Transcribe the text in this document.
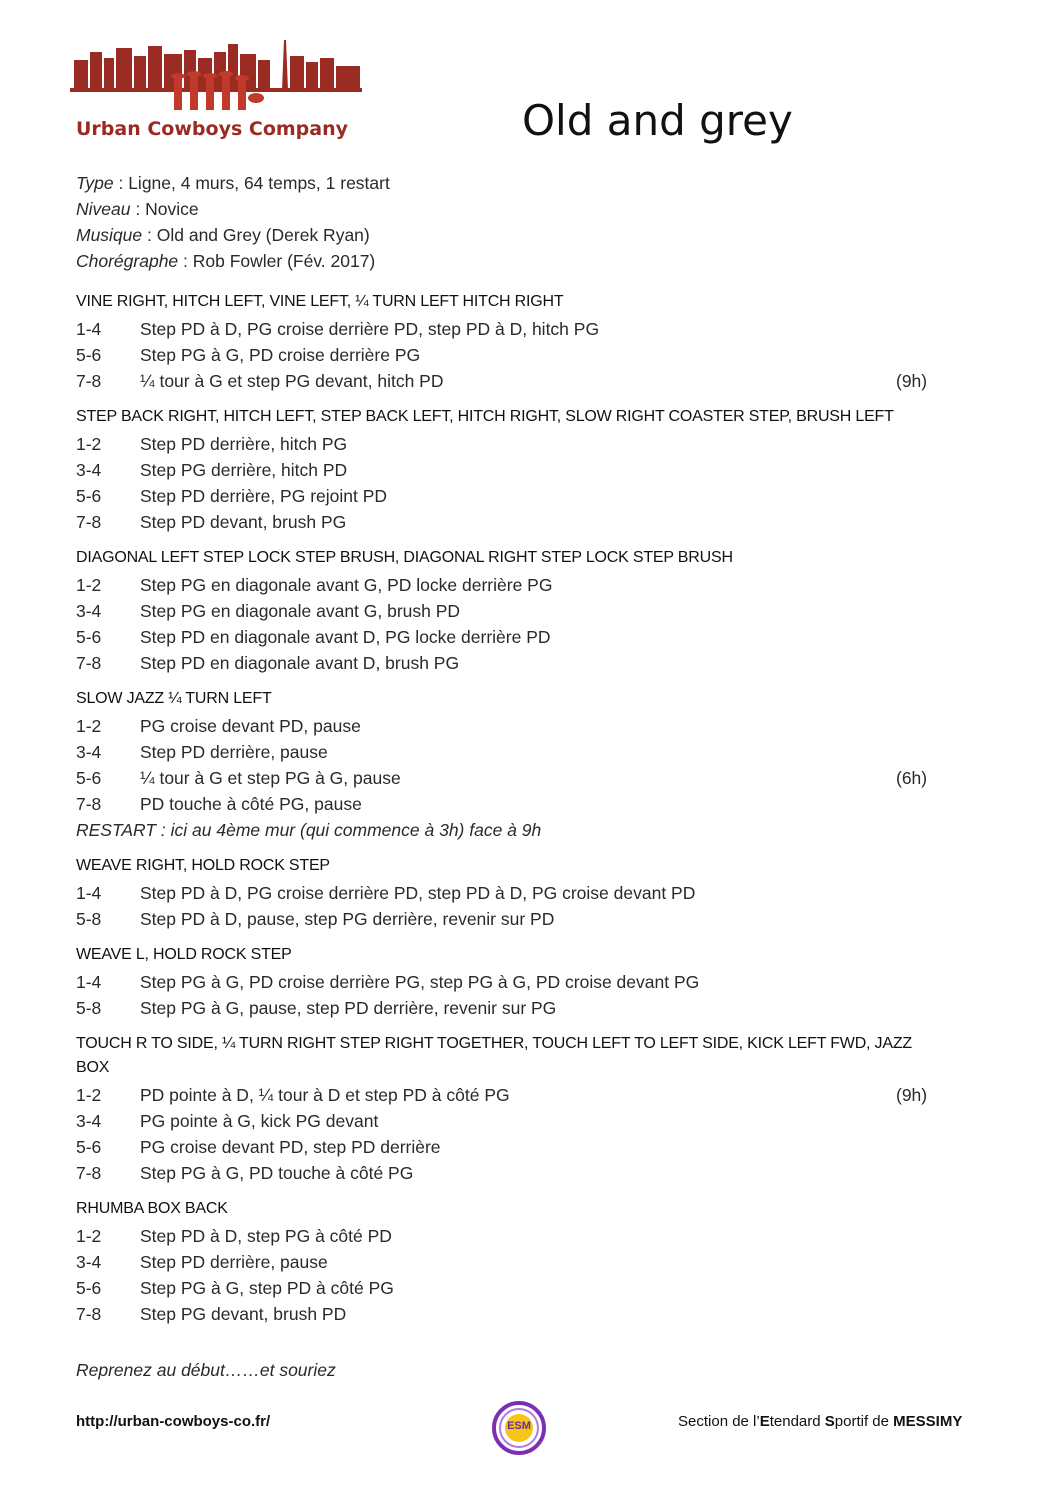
Urban Cowboys Company	Old and grey
Type : Ligne, 4 murs, 64 temps, 1 restart
Niveau : Novice
Musique : Old and Grey (Derek Ryan)
Chorégraphe : Rob Fowler (Fév. 2017)
VINE RIGHT, HITCH LEFT, VINE LEFT, ¼ TURN LEFT HITCH RIGHT
1-4 Step PD à D, PG croise derrière PD, step PD à D, hitch PG
5-6 Step PG à G, PD croise derrière PG
7-8 ¼ tour à G et step PG devant, hitch PD	(9h)
STEP BACK RIGHT, HITCH LEFT, STEP BACK LEFT, HITCH RIGHT, SLOW RIGHT COASTER STEP, BRUSH LEFT
1-2 Step PD derrière, hitch PG
3-4 Step PG derrière, hitch PD
5-6 Step PD derrière, PG rejoint PD
7-8 Step PD devant, brush PG
DIAGONAL LEFT STEP LOCK STEP BRUSH, DIAGONAL RIGHT STEP LOCK STEP BRUSH
1-2 Step PG en diagonale avant G, PD locke derrière PG
3-4 Step PG en diagonale avant G, brush PD
5-6 Step PD en diagonale avant D, PG locke derrière PD
7-8 Step PD en diagonale avant D, brush PG
SLOW JAZZ ¼ TURN LEFT
1-2 PG croise devant PD, pause
3-4 Step PD derrière, pause
5-6 ¼ tour à G et step PG à G, pause	(6h)
7-8 PD touche à côté PG, pause
RESTART : ici au 4ème mur (qui commence à 3h) face à 9h
WEAVE RIGHT, HOLD ROCK STEP
1-4 Step PD à D, PG croise derrière PD, step PD à D, PG croise devant PD
5-8 Step PD à D, pause, step PG derrière, revenir sur PD
WEAVE L, HOLD ROCK STEP
1-4 Step PG à G, PD croise derrière PG, step PG à G, PD croise devant PG
5-8 Step PG à G, pause, step PD derrière, revenir sur PG
TOUCH R TO SIDE, ¼ TURN RIGHT STEP RIGHT TOGETHER, TOUCH LEFT TO LEFT SIDE, KICK LEFT FWD, JAZZ BOX
1-2 PD pointe à D, ¼ tour à D et step PD à côté PG	(9h)
3-4 PG pointe à G, kick PG devant
5-6 PG croise devant PD, step PD derrière
7-8 Step PG à G, PD touche à côté PG
RHUMBA BOX BACK
1-2 Step PD à D, step PG à côté PD
3-4 Step PD derrière, pause
5-6 Step PG à G, step PD à côté PG
7-8 Step PG devant, brush PD
Reprenez au début……et souriez
http://urban-cowboys-co.fr/	ESM	Section de l’Etendard Sportif de MESSIMY
